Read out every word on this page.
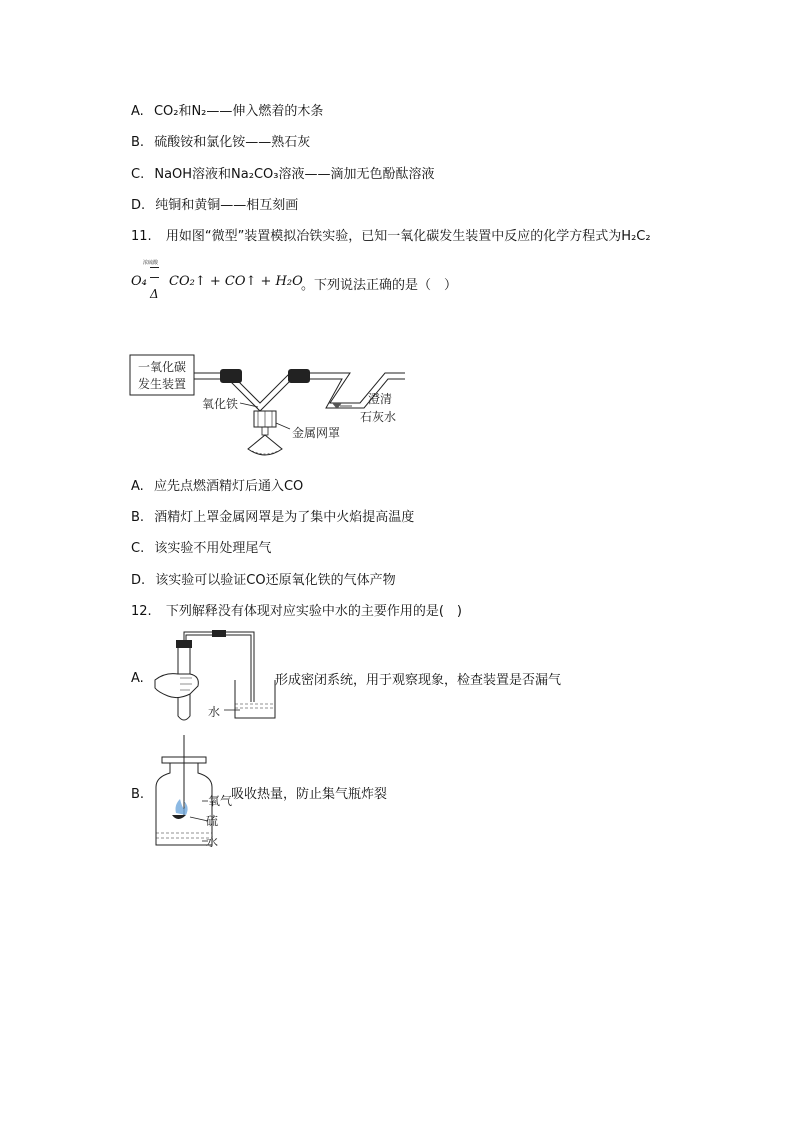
A. CO₂和N₂——伸入燃着的木条
B. 硫酸铵和氯化铵——熟石灰
C. NaOH溶液和Na₂CO₃溶液——滴加无色酚酞溶液
D. 纯铜和黄铜——相互刻画
11. 用如图“微型”装置模拟冶铁实验，已知一氧化碳发生装置中反应的化学方程式为H₂C₂
O₄
浓硫酸
Δ
CO₂↑ + CO↑ + H₂O
。下列说法正确的是（　）
一氧化碳
发生装置
澄清
石灰水
氧化铁
金属网罩
A. 应先点燃酒精灯后通入CO
B. 酒精灯上罩金属网罩是为了集中火焰提高温度
C. 该实验不用处理尾气
D. 该实验可以验证CO还原氧化铁的气体产物
12. 下列解释没有体现对应实验中水的主要作用的是(　)
A.
水
形成密闭系统，用于观察现象，检查装置是否漏气
B.	氧气
硫
水
吸收热量，防止集气瓶炸裂
